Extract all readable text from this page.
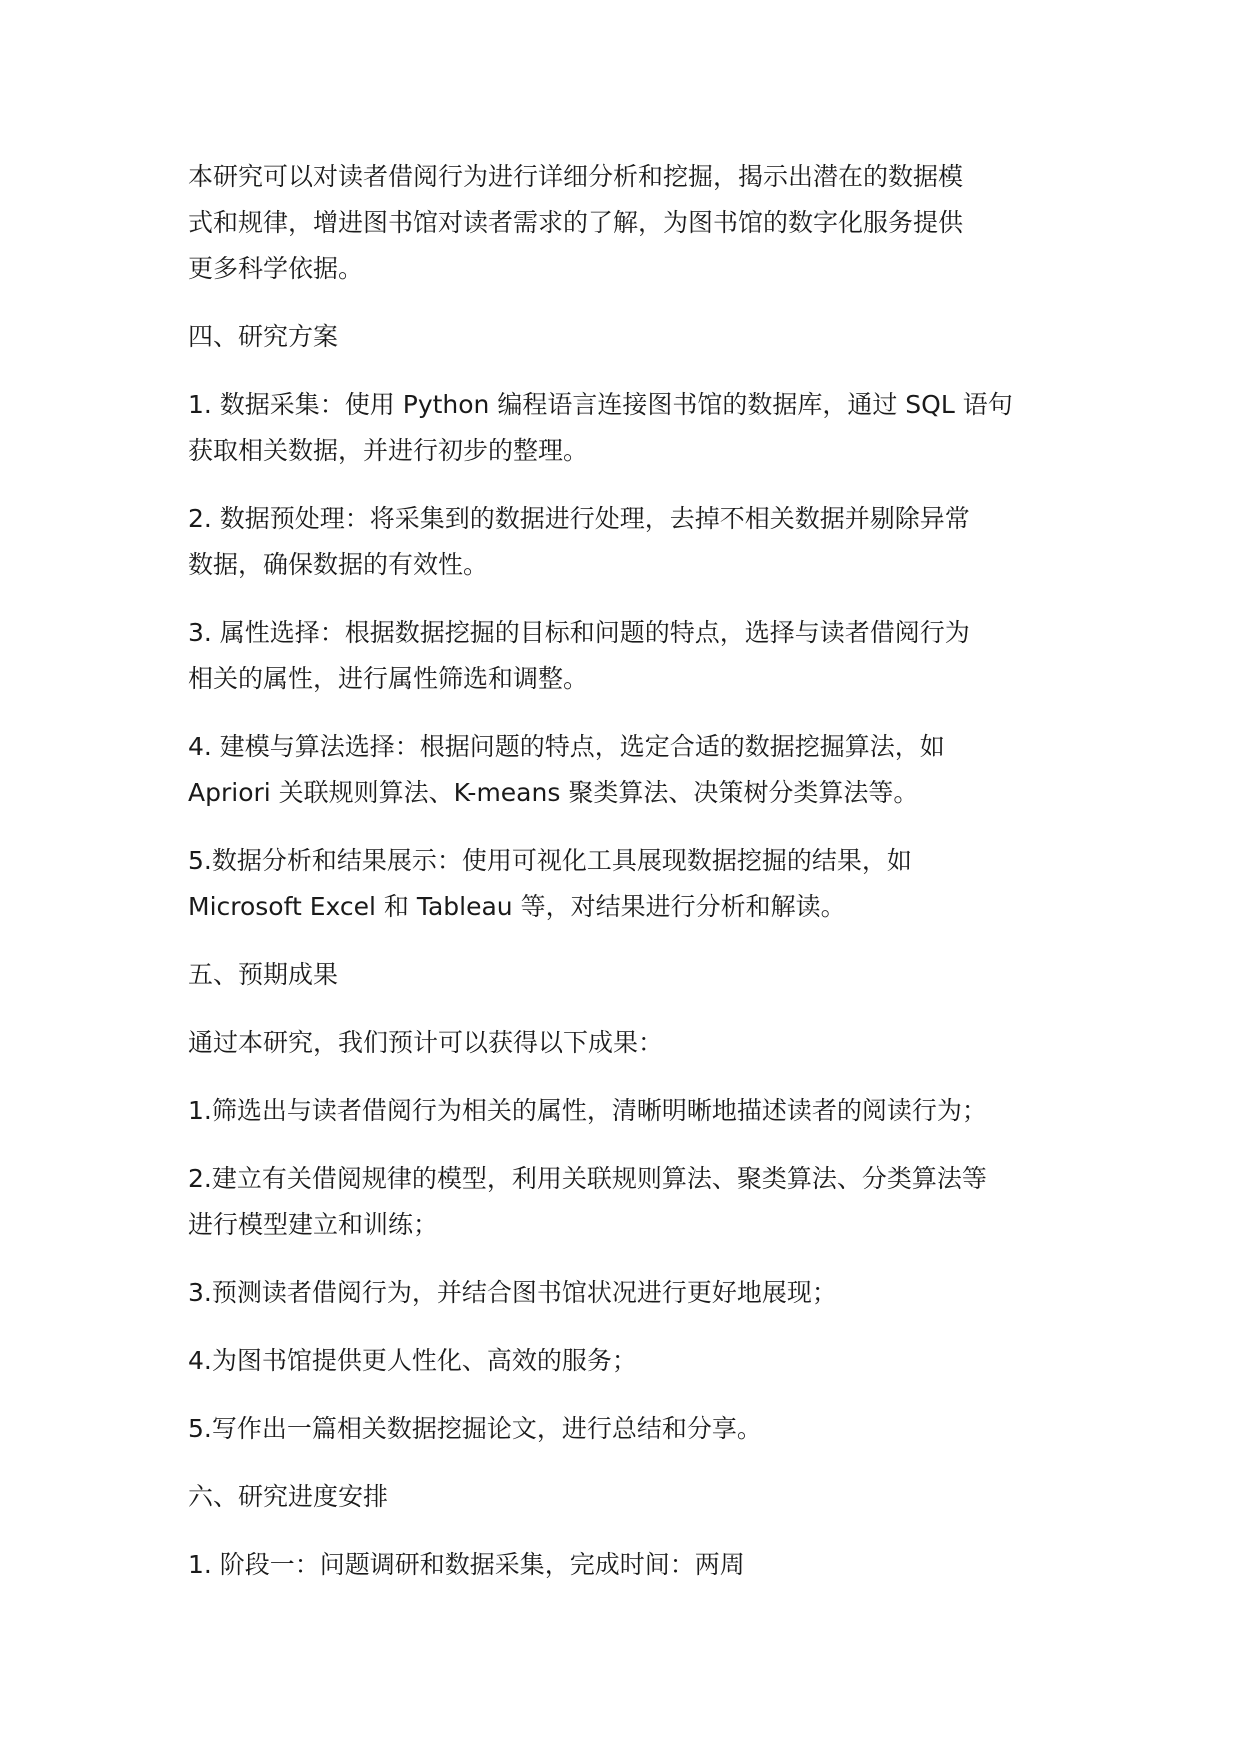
本研究可以对读者借阅行为进行详细分析和挖掘，揭示出潜在的数据模
式和规律，增进图书馆对读者需求的了解，为图书馆的数字化服务提供
更多科学依据。

四、研究方案

1. 数据采集：使用 Python 编程语言连接图书馆的数据库，通过 SQL 语句
获取相关数据，并进行初步的整理。

2. 数据预处理：将采集到的数据进行处理，去掉不相关数据并剔除异常
数据，确保数据的有效性。

3. 属性选择：根据数据挖掘的目标和问题的特点，选择与读者借阅行为
相关的属性，进行属性筛选和调整。

4. 建模与算法选择：根据问题的特点，选定合适的数据挖掘算法，如
Apriori 关联规则算法、K-means 聚类算法、决策树分类算法等。

5.数据分析和结果展示：使用可视化工具展现数据挖掘的结果，如
Microsoft Excel 和 Tableau 等，对结果进行分析和解读。

五、预期成果

通过本研究，我们预计可以获得以下成果：

1.筛选出与读者借阅行为相关的属性，清晰明晰地描述读者的阅读行为；

2.建立有关借阅规律的模型，利用关联规则算法、聚类算法、分类算法等
进行模型建立和训练；

3.预测读者借阅行为，并结合图书馆状况进行更好地展现；

4.为图书馆提供更人性化、高效的服务；

5.写作出一篇相关数据挖掘论文，进行总结和分享。

六、研究进度安排

1. 阶段一：问题调研和数据采集，完成时间：两周
